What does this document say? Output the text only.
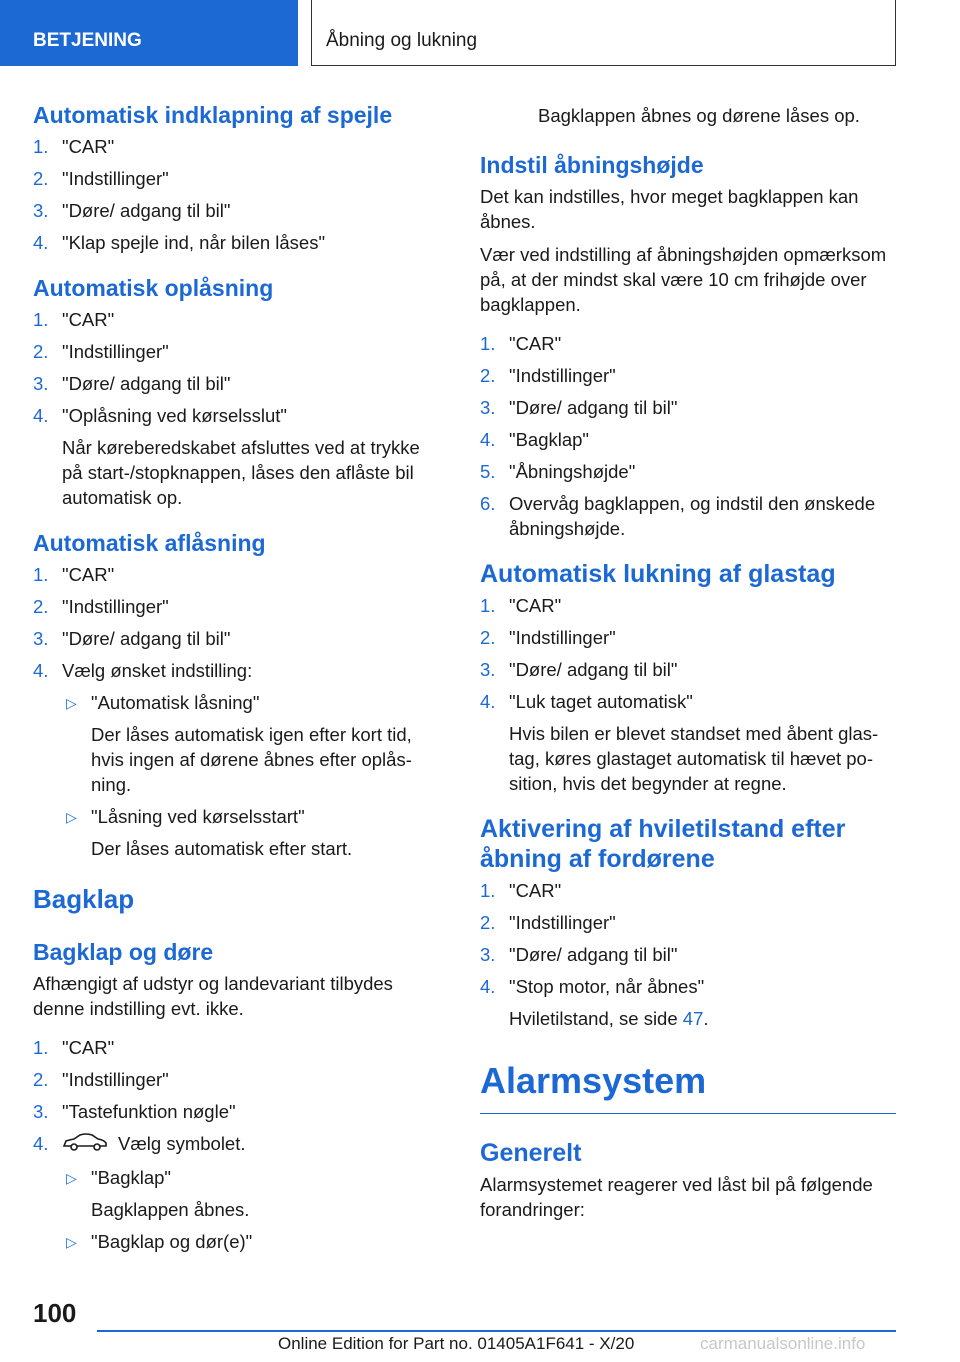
BETJENING	Åbning og lukning
Automatisk indklapning af spejle
1. "CAR"
2. "Indstillinger"
3. "Døre/ adgang til bil"
4. "Klap spejle ind, når bilen låses"
Automatisk oplåsning
1. "CAR"
2. "Indstillinger"
3. "Døre/ adgang til bil"
4. "Oplåsning ved kørselsslut"
Når køreberedskabet afsluttes ved at trykke på start-/stopknappen, låses den aflåste bil automatisk op.
Automatisk aflåsning
1. "CAR"
2. "Indstillinger"
3. "Døre/ adgang til bil"
4. Vælg ønsket indstilling:
▷ "Automatisk låsning"
Der låses automatisk igen efter kort tid, hvis ingen af dørene åbnes efter oplåsning.
▷ "Låsning ved kørselsstart"
Der låses automatisk efter start.
Bagklap
Bagklap og døre

Afhængigt af udstyr og landevariant tilbydes denne indstilling evt. ikke.

1. "CAR"
2. "Indstillinger"
3. "Tastefunktion nøgle"
4.	Vælg symbolet.
▷ "Bagklap"
Bagklappen åbnes.
▷ "Bagklap og dør(e)"

Bagklappen åbnes og dørene låses op.

Indstil åbningshøjde

Det kan indstilles, hvor meget bagklappen kan åbnes.

Vær ved indstilling af åbningshøjden opmærksom på, at der mindst skal være 10 cm frihøjde over bagklappen.

1. "CAR"
2. "Indstillinger"
3. "Døre/ adgang til bil"
4. "Bagklap"
5. "Åbningshøjde"
6. Overvåg bagklappen, og indstil den ønskede åbningshøjde.
Automatisk lukning af glastag
1. "CAR"
2. "Indstillinger"
3. "Døre/ adgang til bil"
4. "Luk taget automatisk"
Hvis bilen er blevet standset med åbent glastag, køres glastaget automatisk til hævet position, hvis det begynder at regne.
Aktivering af hviletilstand efter åbning af fordørene
1. "CAR"
2. "Indstillinger"
3. "Døre/ adgang til bil"
4. "Stop motor, når åbnes"
Hviletilstand, se side 47.
Alarmsystem
Generelt

Alarmsystemet reagerer ved låst bil på følgende forandringer:

100
Online Edition for Part no. 01405A1F641 - X/20	carmanualsonline.info
